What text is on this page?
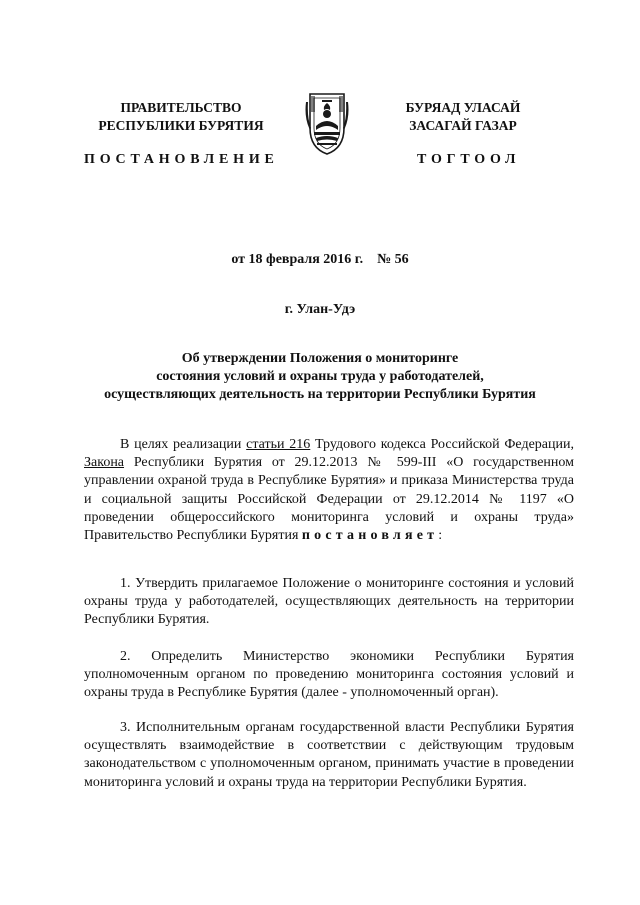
ПРАВИТЕЛЬСТВО
РЕСПУБЛИКИ БУРЯТИЯ
ПОСТАНОВЛЕНИЕ
БУРЯАД УЛАСАЙ
ЗАСАГАЙ ГАЗАР
ТОГТООЛ
от 18 февраля 2016 г. № 56
г. Улан-Удэ
Об утверждении Положения о мониторинге
состояния условий и охраны труда у работодателей,
осуществляющих деятельность на территории Республики Бурятия
В целях реализации статьи 216 Трудового кодекса Российской Федерации, Закона Республики Бурятия от 29.12.2013 № 599-III «О государственном управлении охраной труда в Республике Бурятия» и приказа Министерства труда и социальной защиты Российской Федерации от 29.12.2014 № 1197 «О проведении общероссийского мониторинга условий и охраны труда» Правительство Республики Бурятия постановляет:
1. Утвердить прилагаемое Положение о мониторинге состояния и условий охраны труда у работодателей, осуществляющих деятельность на территории Республики Бурятия.
2. Определить Министерство экономики Республики Бурятия уполномоченным органом по проведению мониторинга состояния условий и охраны труда в Республике Бурятия (далее - уполномоченный орган).
3. Исполнительным органам государственной власти Республики Бурятия осуществлять взаимодействие в соответствии с действующим трудовым законодательством с уполномоченным органом, принимать участие в проведении мониторинга условий и охраны труда на территории Республики Бурятия.
